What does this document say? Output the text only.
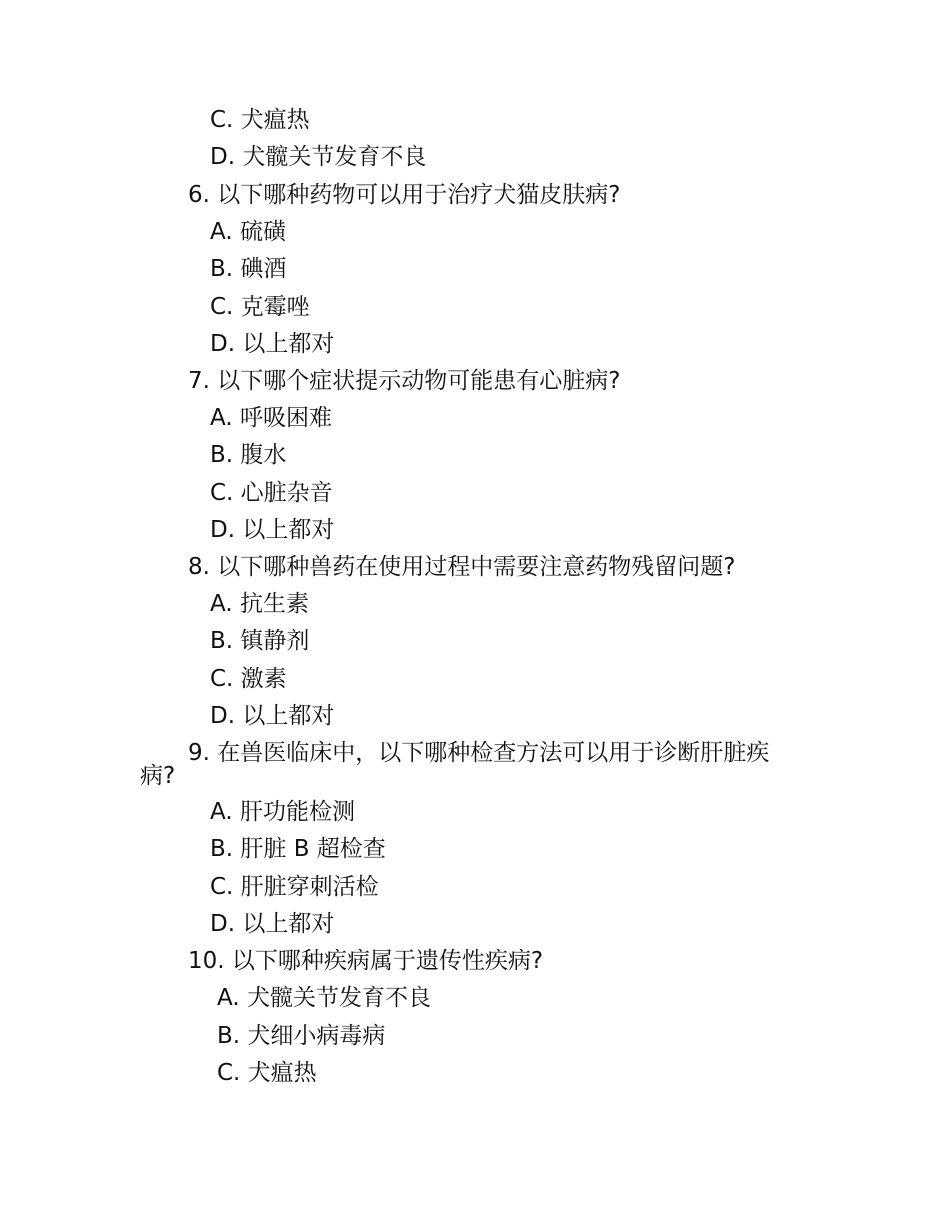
C. 犬瘟热
D. 犬髋关节发育不良
6. 以下哪种药物可以用于治疗犬猫皮肤病?
A. 硫磺
B. 碘酒
C. 克霉唑
D. 以上都对
7. 以下哪个症状提示动物可能患有心脏病?
A. 呼吸困难
B. 腹水
C. 心脏杂音
D. 以上都对
8. 以下哪种兽药在使用过程中需要注意药物残留问题?
A. 抗生素
B. 镇静剂
C. 激素
D. 以上都对
9. 在兽医临床中，以下哪种检查方法可以用于诊断肝脏疾
病?
A. 肝功能检测
B. 肝脏 B 超检查
C. 肝脏穿刺活检
D. 以上都对
10. 以下哪种疾病属于遗传性疾病?
A. 犬髋关节发育不良
B. 犬细小病毒病
C. 犬瘟热
